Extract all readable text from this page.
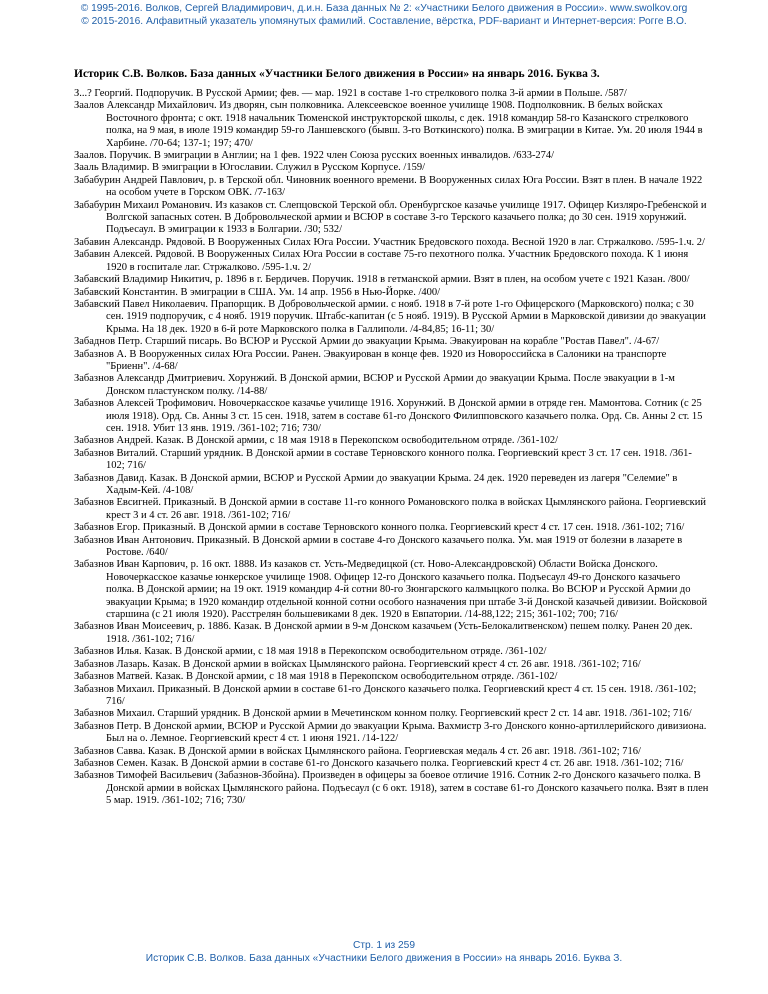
© 1995-2016. Волков, Сергей Владимирович, д.и.н. База данных № 2: «Участники Белого движения в России». www.swolkov.org
© 2015-2016. Алфавитный указатель упомянутых фамилий. Составление, вёрстка, PDF-вариант и Интернет-версия: Рогге В.О.
Историк С.В. Волков. База данных «Участники Белого движения в России» на январь 2016. Буква З.

З...? Георгий. Подпоручик. В Русской Армии; фев. — мар. 1921 в составе 1-го стрелкового полка 3-й армии в Польше. /587/

Заалов Александр Михайлович. Из дворян, сын полковника. Алексеевское военное училище 1908. Подполковник. В белых войсках Восточного фронта; с окт. 1918 начальник Тюменской инструкторской школы, с дек. 1918 командир 58-го Казанского стрелкового полка, на 9 мая, в июле 1919 командир 59-го Ланшевского (бывш. 3-го Воткинского) полка. В эмиграции в Китае. Ум. 20 июля 1944 в Харбине. /70-64; 137-1; 197; 470/

Заалов. Поручик. В эмиграции в Англии; на 1 фев. 1922 член Союза русских военных инвалидов. /633-274/

Зааль Владимир. В эмиграции в Югославии. Служил в Русском Корпусе. /159/

Забабурин Андрей Павлович, р. в Терской обл. Чиновник военного времени. В Вооруженных силах Юга России. Взят в плен. В начале 1922 на особом учете в Горском ОВК. /7-163/

Забабурин Михаил Романович. Из казаков ст. Слепцовской Терской обл. Оренбургское казачье училище 1917. Офицер Кизляро-Гребенской и Волгской запасных сотен. В Добровольческой армии и ВСЮР в составе 3-го Терского казачьего полка; до 30 сен. 1919 хорунжий. Подъесаул. В эмиграции к 1933 в Болгарии. /30; 532/

Забавин Александр. Рядовой. В Вооруженных Силах Юга России. Участник Бредовского похода. Весной 1920 в лаг. Стржалково. /595-1.ч. 2/

Забавин Алексей. Рядовой. В Вооруженных Силах Юга России в составе 75-го пехотного полка. Участник Бредовского похода. К 1 июня 1920 в госпитале лаг. Стржалково. /595-1.ч. 2/

Забавский Владимир Никитич, р. 1896 в г. Бердичев. Поручик. 1918 в гетманской армии. Взят в плен, на особом учете с 1921 Казан. /800/

Забавский Константин. В эмиграции в США. Ум. 14 апр. 1956 в Нью-Йорке. /400/

Забавский Павел Николаевич. Прапорщик. В Добровольческой армии. с нояб. 1918 в 7-й роте 1-го Офицерского (Марковского) полка; с 30 сен. 1919 подпоручик, с 4 нояб. 1919 поручик. Штабс-капитан (с 5 нояб. 1919). В Русской Армии в Марковской дивизии до эвакуации Крыма. На 18 дек. 1920 в 6-й роте Марковского полка в Галлиполи. /4-84,85; 16-11; 30/

Забаднов Петр. Старший писарь. Во ВСЮР и Русской Армии до эвакуации Крыма. Эвакуирован на корабле "Ростав Павел". /4-67/

Забазнов А. В Вооруженных силах Юга России. Ранен. Эвакуирован в конце фев. 1920 из Новороссийска в Салоники на транспорте "Бриенн". /4-68/

Забазнов Александр Дмитриевич. Хорунжий. В Донской армии, ВСЮР и Русской Армии до эвакуации Крыма. После эвакуации в 1-м Донском пластунском полку. /14-88/

Забазнов Алексей Трофимович. Новочеркасское казачье училище 1916. Хорунжий. В Донской армии в отряде ген. Мамонтова. Сотник (с 25 июля 1918). Орд. Св. Анны 3 ст. 15 сен. 1918, затем в составе 61-го Донского Филипповского казачьего полка. Орд. Св. Анны 2 ст. 15 сен. 1918. Убит 13 янв. 1919. /361-102; 716; 730/

Забазнов Андрей. Казак. В Донской армии, с 18 мая 1918 в Перекопском освободительном отряде. /361-102/

Забазнов Виталий. Старший урядник. В Донской армии в составе Терновского конного полка. Георгиевский крест 3 ст. 17 сен. 1918. /361-102; 716/

Забазнов Давид. Казак. В Донской армии, ВСЮР и Русской Армии до эвакуации Крыма. 24 дек. 1920 переведен из лагеря "Селемие" в Хадым-Кей. /4-108/

Забазнов Евсигней. Приказный. В Донской армии в составе 11-го конного Романовского полка в войсках Цымлянского района. Георгиевский крест 3 и 4 ст. 26 авг. 1918. /361-102; 716/

Забазнов Егор. Приказный. В Донской армии в составе Терновского конного полка. Георгиевский крест 4 ст. 17 сен. 1918. /361-102; 716/

Забазнов Иван Антонович. Приказный. В Донской армии в составе 4-го Донского казачьего полка. Ум. мая 1919 от болезни в лазарете в Ростове. /640/

Забазнов Иван Карпович, р. 16 окт. 1888. Из казаков ст. Усть-Медведицкой (ст. Ново-Александровской) Области Войска Донского. Новочеркасское казачье юнкерское училище 1908. Офицер 12-го Донского казачьего полка. Подъесаул 49-го Донского казачьего полка. В Донской армии; на 19 окт. 1919 командир 4-й сотни 80-го Зюнгарского калмыцкого полка. Во ВСЮР и Русской Армии до эвакуации Крыма; в 1920 командир отдельной конной сотни особого назначения при штабе 3-й Донской казачьей дивизии. Войсковой старшина (с 21 июля 1920). Расстрелян большевиками 8 дек. 1920 в Евпатории. /14-88,122; 215; 361-102; 700; 716/

Забазнов Иван Моисеевич, р. 1886. Казак. В Донской армии в 9-м Донском казачьем (Усть-Белокалитвенском) пешем полку. Ранен 20 дек. 1918. /361-102; 716/

Забазнов Илья. Казак. В Донской армии, с 18 мая 1918 в Перекопском освободительном отряде. /361-102/

Забазнов Лазарь. Казак. В Донской армии в войсках Цымлянского района. Георгиевский крест 4 ст. 26 авг. 1918. /361-102; 716/

Забазнов Матвей. Казак. В Донской армии, с 18 мая 1918 в Перекопском освободительном отряде. /361-102/

Забазнов Михаил. Приказный. В Донской армии в составе 61-го Донского казачьего полка. Георгиевский крест 4 ст. 15 сен. 1918. /361-102; 716/

Забазнов Михаил. Старший урядник. В Донской армии в Мечетинском конном полку. Георгиевский крест 2 ст. 14 авг. 1918. /361-102; 716/

Забазнов Петр. В Донской армии, ВСЮР и Русской Армии до эвакуации Крыма. Вахмистр 3-го Донского конно-артиллерийского дивизиона. Был на о. Лемное. Георгиевский крест 4 ст. 1 июня 1921. /14-122/

Забазнов Савва. Казак. В Донской армии в войсках Цымлянского района. Георгиевская медаль 4 ст. 26 авг. 1918. /361-102; 716/

Забазнов Семен. Казак. В Донской армии в составе 61-го Донского казачьего полка. Георгиевский крест 4 ст. 26 авг. 1918. /361-102; 716/

Забазнов Тимофей Васильевич (Забазнов-Збойна). Произведен в офицеры за боевое отличие 1916. Сотник 2-го Донского казачьего полка. В Донской армии в войсках Цымлянского района. Подъесаул (с 6 окт. 1918), затем в составе 61-го Донского казачьего полка. Взят в плен 5 мар. 1919. /361-102; 716; 730/

Стр. 1 из 259
Историк С.В. Волков. База данных «Участники Белого движения в России» на январь 2016. Буква З.
